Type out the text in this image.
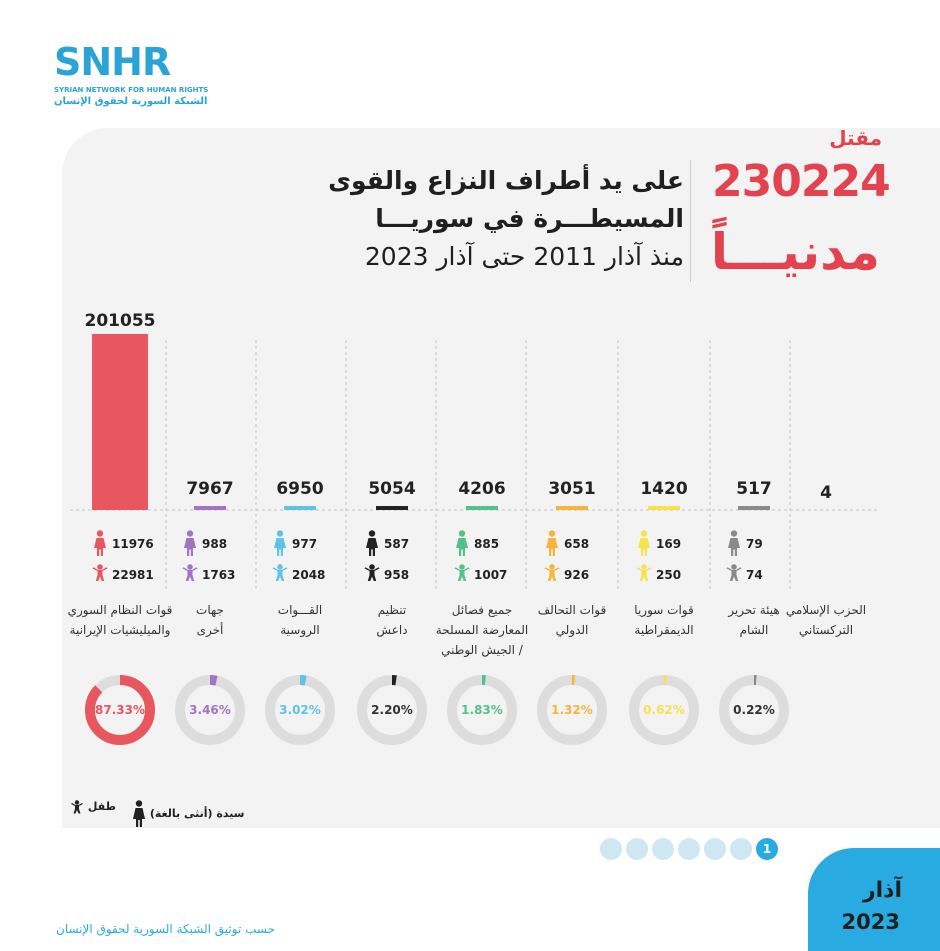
SNHR
SYRIAN NETWORK FOR HUMAN RIGHTS
الشبكة السورية لحقوق الإنسان
مقتل
230224
مدنيـــاً
على يد أطراف النزاع والقوى
المسيطـــرة في سوريـــا
منذ آذار 2011 حتى آذار 2023
201055
11976
22981
قوات النظام السوري
والميليشيات الإيرانية
87.33%
7967
988
1763
جهات
أخرى
3.46%
6950
977
2048
القـــوات
الروسية
3.02%
5054
587
958
تنظيم
داعش
2.20%
4206
885
1007
جميع فصائل
المعارضة المسلحة
/ الجيش الوطني
1.83%
3051
658
926
قوات التحالف
الدولي
1.32%
1420
169
250
قوات سوريا
الديمقراطية
0.62%
517
79
74
هيئة تحرير
الشام
0.22%
4
الحزب الإسلامي
التركستاني
طفل
سيدة (أنثى بالغة)
1
آذار
2023
حسب توثيق الشبكة السورية لحقوق الإنسان
